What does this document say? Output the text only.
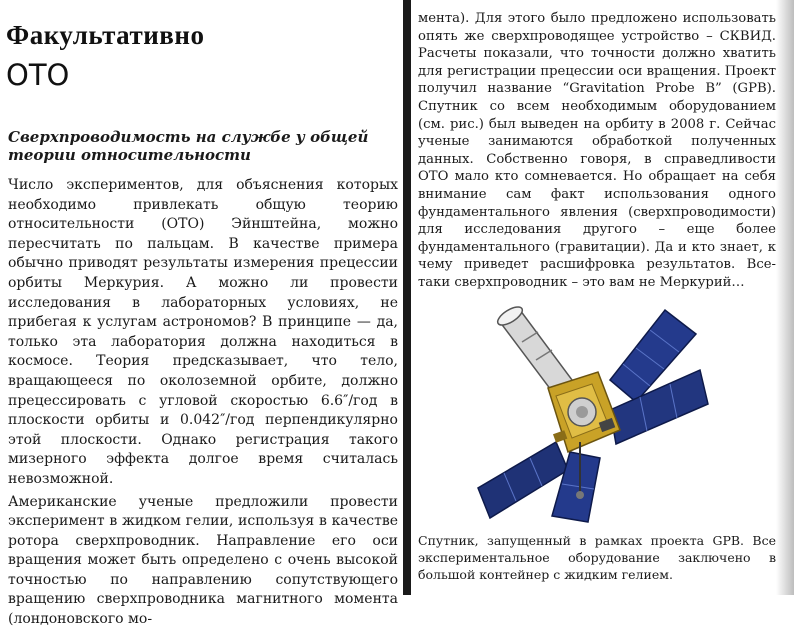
Факультативно
ОТО

Сверхпроводимость на службе у общей теории относительности

Число экспериментов, для объяснения которых необходимо привлекать общую теорию относительности (ОТО) Эйнштейна, можно пересчитать по пальцам. В качестве примера обычно приводят результаты измерения прецессии орбиты Меркурия. А можно ли провести исследования в лабораторных условиях, не прибегая к услугам астрономов? В принципе — да, только эта лаборатория должна находиться в космосе. Теория предсказывает, что тело, вращающееся по околоземной орбите, должно прецессировать с угловой скоростью 6.6″/год в плоскости орбиты и 0.042″/год перпендикулярно этой плоскости. Однако регистрация такого мизерного эффекта долгое время считалась невозможной.

Американские ученые предложили провести эксперимент в жидком гелии, используя в качестве ротора сверхпроводник. Направление его оси вращения может быть определено с очень высокой точностью по направлению сопутствующего вращению сверхпроводника магнитного момента (лондоновского мо-

мента). Для этого было предложено использовать опять же сверхпроводящее устройство – СКВИД. Расчеты показали, что точности должно хватить для регистрации прецессии оси вращения. Проект получил название “Gravitation Probe B” (GPB). Спутник со всем необходимым оборудованием (см. рис.) был выведен на орбиту в 2008 г. Сейчас ученые занимаются обработкой полученных данных. Собственно говоря, в справедливости ОТО мало кто сомневается. Но обращает на себя внимание сам факт использования одного фундаментального явления (сверхпроводимости) для исследования другого – еще более фундаментального (гравитации). Да и кто знает, к чему приведет расшифровка результатов. Все-таки сверхпроводник – это вам не Меркурий…

Спутник, запущенный в рамках проекта GPB. Все экспериментальное оборудование заключено в большой контейнер с жидким гелием.
